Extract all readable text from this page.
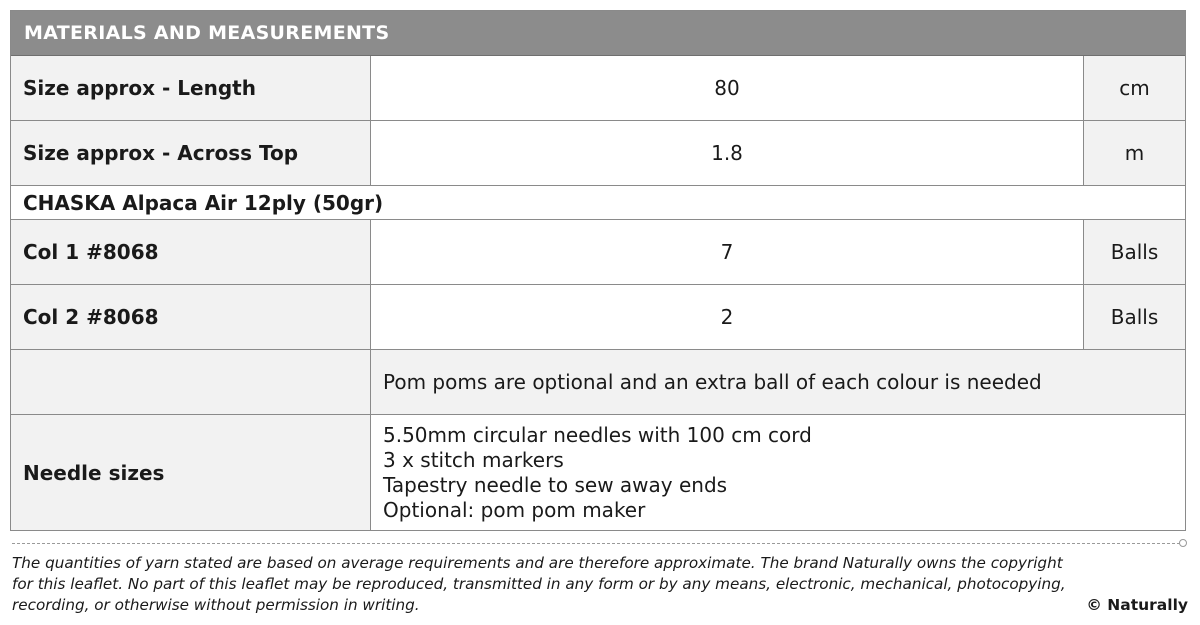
MATERIALS AND MEASUREMENTS
Size approx - Length	80	cm
Size approx - Across Top	1.8	m
CHASKA Alpaca Air 12ply (50gr)
Col 1 #8068	7	Balls
Col 2 #8068	2	Balls
Pom poms are optional and an extra ball of each colour is needed
Needle sizes
5.50mm circular needles with 100 cm cord
3 x stitch markers
Tapestry needle to sew away ends
Optional: pom pom maker
The quantities of yarn stated are based on average requirements and are therefore approximate. The brand Naturally owns the copyright
for this leaflet. No part of this leaflet may be reproduced, transmitted in any form or by any means, electronic, mechanical, photocopying,
recording, or otherwise without permission in writing.	© Naturally
